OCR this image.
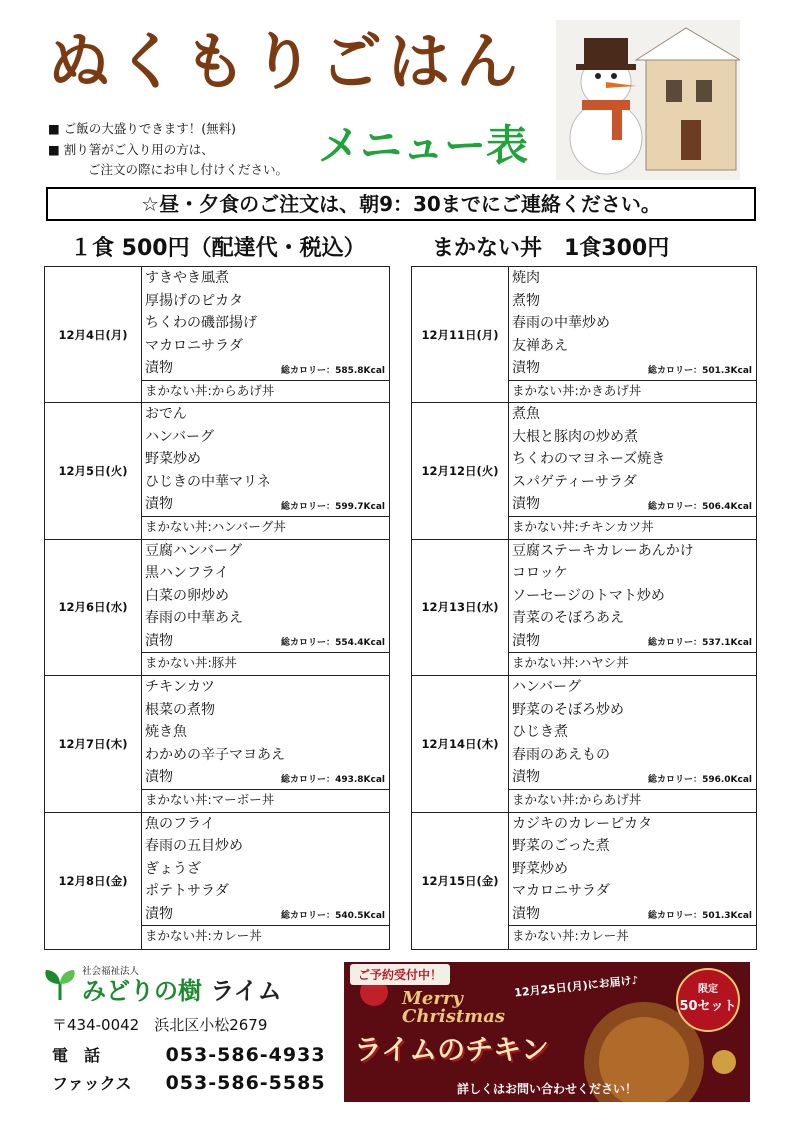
ぬくもりごはん
メニュー表
■ ご飯の大盛りできます！(無料)
■ 割り箸がご入り用の方は、
ご注文の際にお申し付けください。
☆昼・夕食のご注文は、朝9：30までにご連絡ください。
１食 500円（配達代・税込）	まかない丼　1食300円
12月4日(月)
すきやき風煮
厚揚げのピカタ
ちくわの磯部揚げ
マカロニサラダ
漬物	総カロリー：585.8Kcal
まかない丼:からあげ丼
12月5日(火)
おでん
ハンバーグ
野菜炒め
ひじきの中華マリネ
漬物	総カロリー：599.7Kcal
まかない丼:ハンバーグ丼
12月6日(水)
豆腐ハンバーグ
黒ハンフライ
白菜の卵炒め
春雨の中華あえ
漬物	総カロリー：554.4Kcal
まかない丼:豚丼
12月7日(木)
チキンカツ
根菜の煮物
焼き魚
わかめの辛子マヨあえ
漬物	総カロリー：493.8Kcal
まかない丼:マーボー丼
12月8日(金)
魚のフライ
春雨の五目炒め
ぎょうざ
ポテトサラダ
漬物	総カロリー：540.5Kcal
まかない丼:カレー丼
12月11日(月)
焼肉
煮物
春雨の中華炒め
友禅あえ
漬物	総カロリー：501.3Kcal
まかない丼:かきあげ丼
12月12日(火)
煮魚
大根と豚肉の炒め煮
ちくわのマヨネーズ焼き
スパゲティーサラダ
漬物	総カロリー：506.4Kcal
まかない丼:チキンカツ丼
12月13日(水)
豆腐ステーキカレーあんかけ
コロッケ
ソーセージのトマト炒め
青菜のそぼろあえ
漬物	総カロリー：537.1Kcal
まかない丼:ハヤシ丼
12月14日(木)
ハンバーグ
野菜のそぼろ炒め
ひじき煮
春雨のあえもの
漬物	総カロリー：596.0Kcal
まかない丼:からあげ丼
12月15日(金)
カジキのカレーピカタ
野菜のごった煮
野菜炒め
マカロニサラダ
漬物	総カロリー：501.3Kcal
まかない丼:カレー丼
社会福祉法人
みどりの樹 ライム
〒434-0042　浜北区小松2679
電　話	053-586-4933
ファックス 053-586-5585
ご予約受付中！	12月25日(月)にお届け♪
Merry
Christmas
ライムのチキン
限定
50セット
詳しくはお問い合わせください！
